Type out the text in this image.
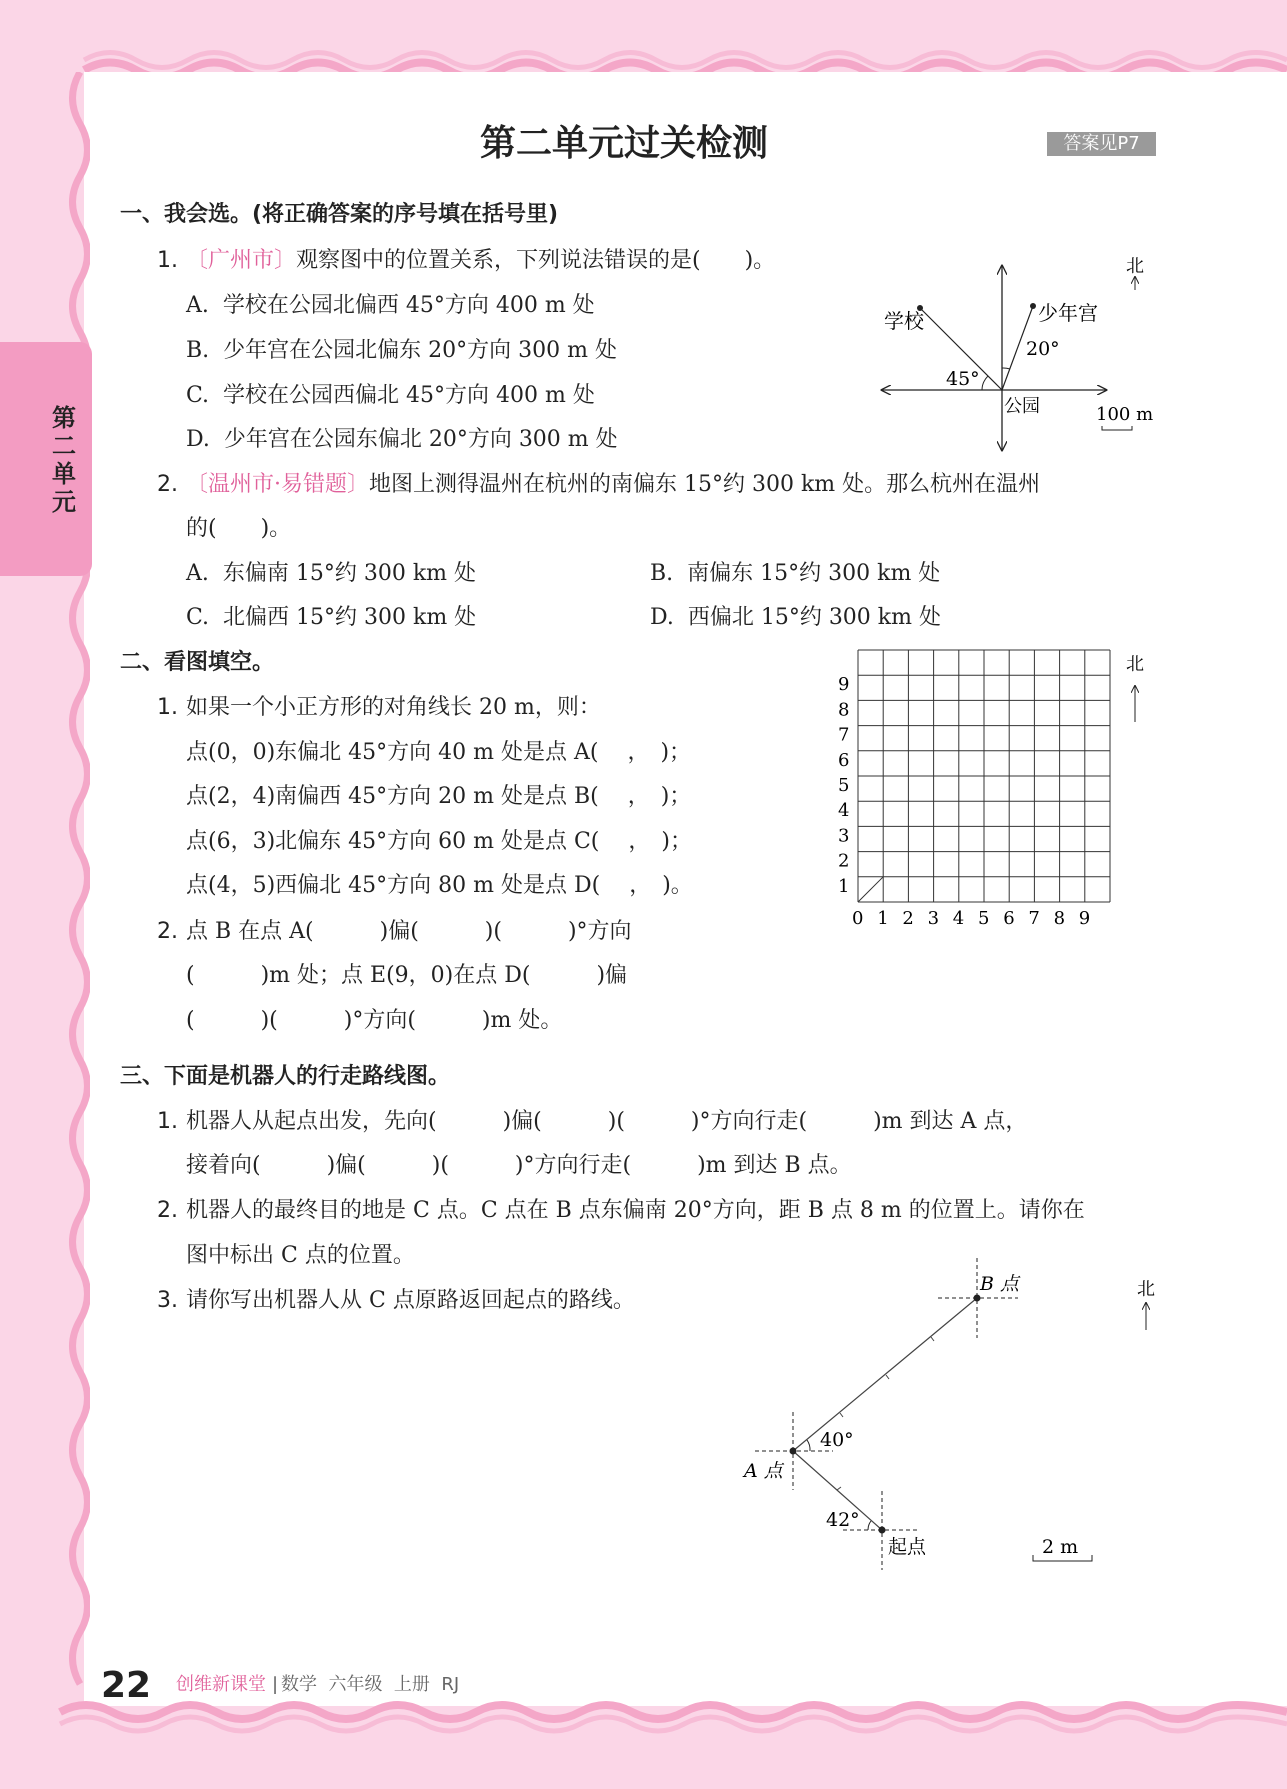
第二单元
第二单元过关检测	答案见P7
一、我会选。(将正确答案的序号填在括号里)
1. 〔广州市〕观察图中的位置关系，下列说法错误的是(　　)。
A.  学校在公园北偏西 45°方向 400 m 处
B.  少年宫在公园北偏东 20°方向 300 m 处
C.  学校在公园西偏北 45°方向 400 m 处
D.  少年宫在公园东偏北 20°方向 300 m 处
学校	少年宫
45°
20°
公园	100 m
北
2. 〔温州市·易错题〕地图上测得温州在杭州的南偏东 15°约 300 km 处。那么杭州在温州
的(　　)。
A.  东偏南 15°约 300 km 处	B.  南偏东 15°约 300 km 处
C.  北偏西 15°约 300 km 处	D.  西偏北 15°约 300 km 处
二、看图填空。
1. 如果一个小正方形的对角线长 20 m，则：
点(0，0)东偏北 45°方向 40 m 处是点 A(　 ，　)；
点(2，4)南偏西 45°方向 20 m 处是点 B(　 ，　)；
点(6，3)北偏东 45°方向 60 m 处是点 C(　 ，　)；
点(4，5)西偏北 45°方向 80 m 处是点 D(　 ，　)。
2. 点 B 在点 A(　　　)偏(　　　)(　　　)°方向
(　　　)m 处；点 E(9，0)在点 D(　　　)偏
(　　　)(　　　)°方向(　　　)m 处。
北
0 1 2 3 4 5 6 7 8 9
1
2
3
4
5
6
7
8
9
三、下面是机器人的行走路线图。
1. 机器人从起点出发，先向(　　　)偏(　　　)(　　　)°方向行走(　　　)m 到达 A 点，
接着向(　　　)偏(　　　)(　　　)°方向行走(　　　)m 到达 B 点。
2. 机器人的最终目的地是 C 点。C 点在 B 点东偏南 20°方向，距 B 点 8 m 的位置上。请你在
图中标出 C 点的位置。
3. 请你写出机器人从 C 点原路返回起点的路线。
B 点
A 点
起点
40°
42°
2 m
北
22 创维新课堂 | 数学  六年级  上册  RJ
